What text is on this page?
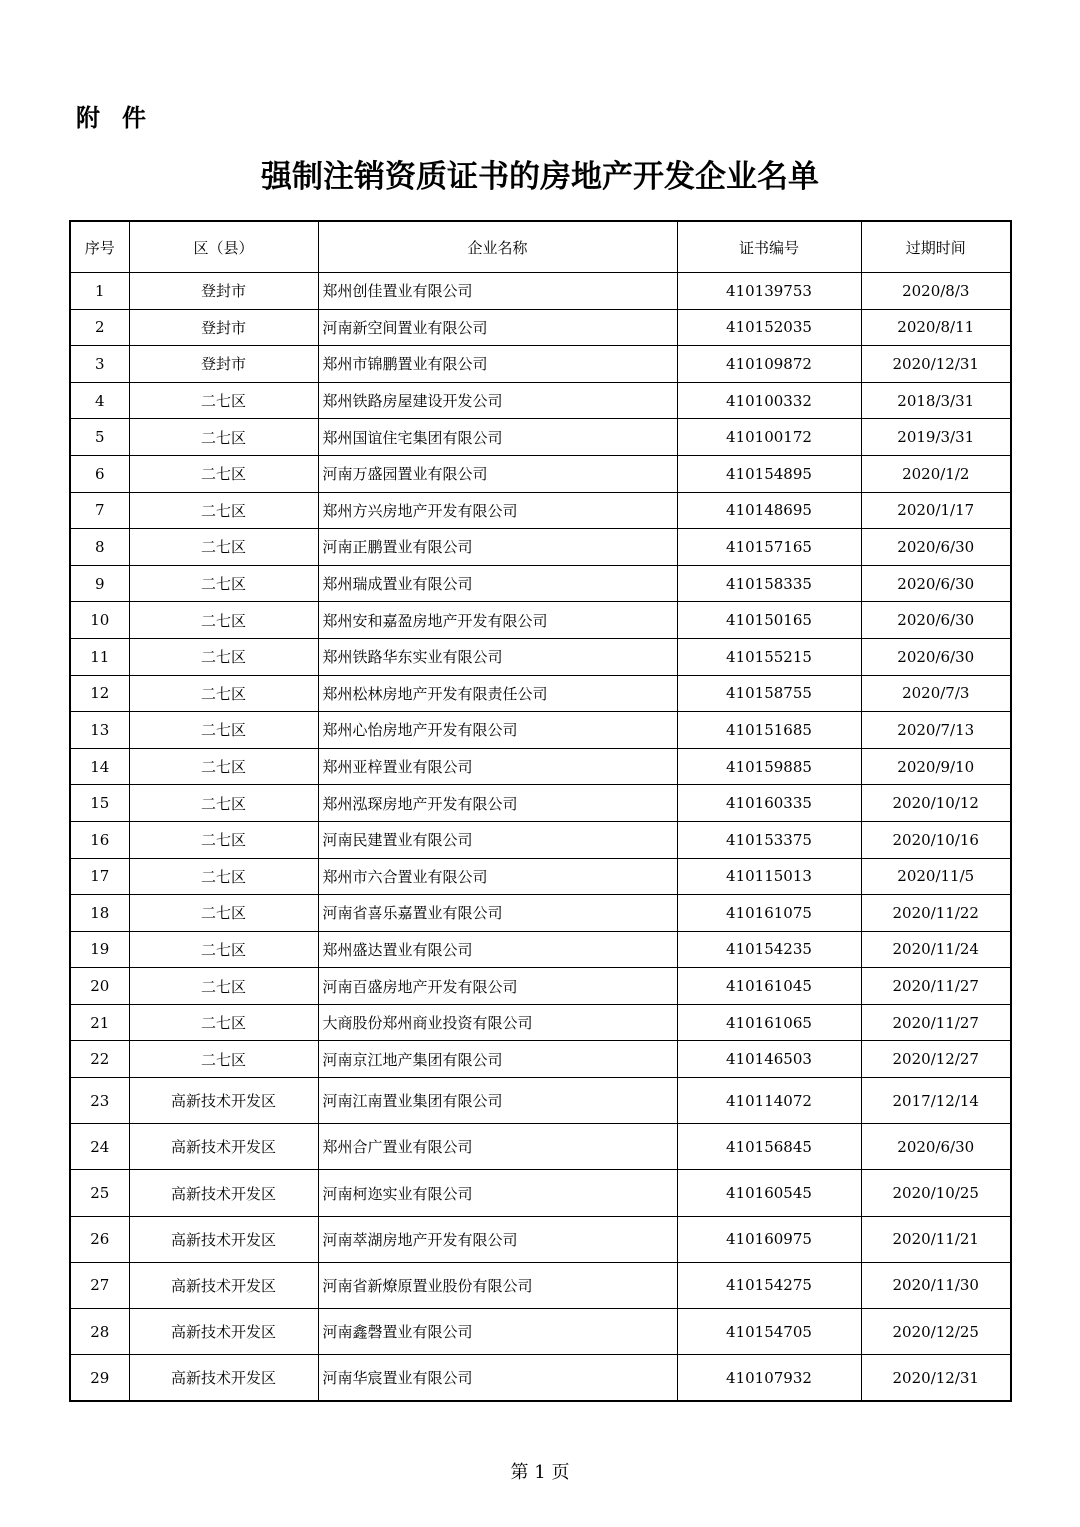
附件
强制注销资质证书的房地产开发企业名单
序号	区（县）	企业名称	证书编号	过期时间
1	登封市	郑州创佳置业有限公司	410139753	2020/8/3
2	登封市	河南新空间置业有限公司	410152035	2020/8/11
3	登封市	郑州市锦鹏置业有限公司	410109872	2020/12/31
4	二七区	郑州铁路房屋建设开发公司	410100332	2018/3/31
5	二七区	郑州国谊住宅集团有限公司	410100172	2019/3/31
6	二七区	河南万盛园置业有限公司	410154895	2020/1/2
7	二七区	郑州方兴房地产开发有限公司	410148695	2020/1/17
8	二七区	河南正鹏置业有限公司	410157165	2020/6/30
9	二七区	郑州瑞成置业有限公司	410158335	2020/6/30
10	二七区	郑州安和嘉盈房地产开发有限公司	410150165	2020/6/30
11	二七区	郑州铁路华东实业有限公司	410155215	2020/6/30
12	二七区	郑州松林房地产开发有限责任公司	410158755	2020/7/3
13	二七区	郑州心怡房地产开发有限公司	410151685	2020/7/13
14	二七区	郑州亚梓置业有限公司	410159885	2020/9/10
15	二七区	郑州泓琛房地产开发有限公司	410160335	2020/10/12
16	二七区	河南民建置业有限公司	410153375	2020/10/16
17	二七区	郑州市六合置业有限公司	410115013	2020/11/5
18	二七区	河南省喜乐嘉置业有限公司	410161075	2020/11/22
19	二七区	郑州盛达置业有限公司	410154235	2020/11/24
20	二七区	河南百盛房地产开发有限公司	410161045	2020/11/27
21	二七区	大商股份郑州商业投资有限公司	410161065	2020/11/27
22	二七区	河南京江地产集团有限公司	410146503	2020/12/27
23	高新技术开发区	河南江南置业集团有限公司	410114072	2017/12/14
24	高新技术开发区	郑州合广置业有限公司	410156845	2020/6/30
25	高新技术开发区	河南柯迩实业有限公司	410160545	2020/10/25
26	高新技术开发区	河南萃湖房地产开发有限公司	410160975	2020/11/21
27	高新技术开发区	河南省新燎原置业股份有限公司	410154275	2020/11/30
28	高新技术开发区	河南鑫磬置业有限公司	410154705	2020/12/25
29	高新技术开发区	河南华宸置业有限公司	410107932	2020/12/31
第 1 页
